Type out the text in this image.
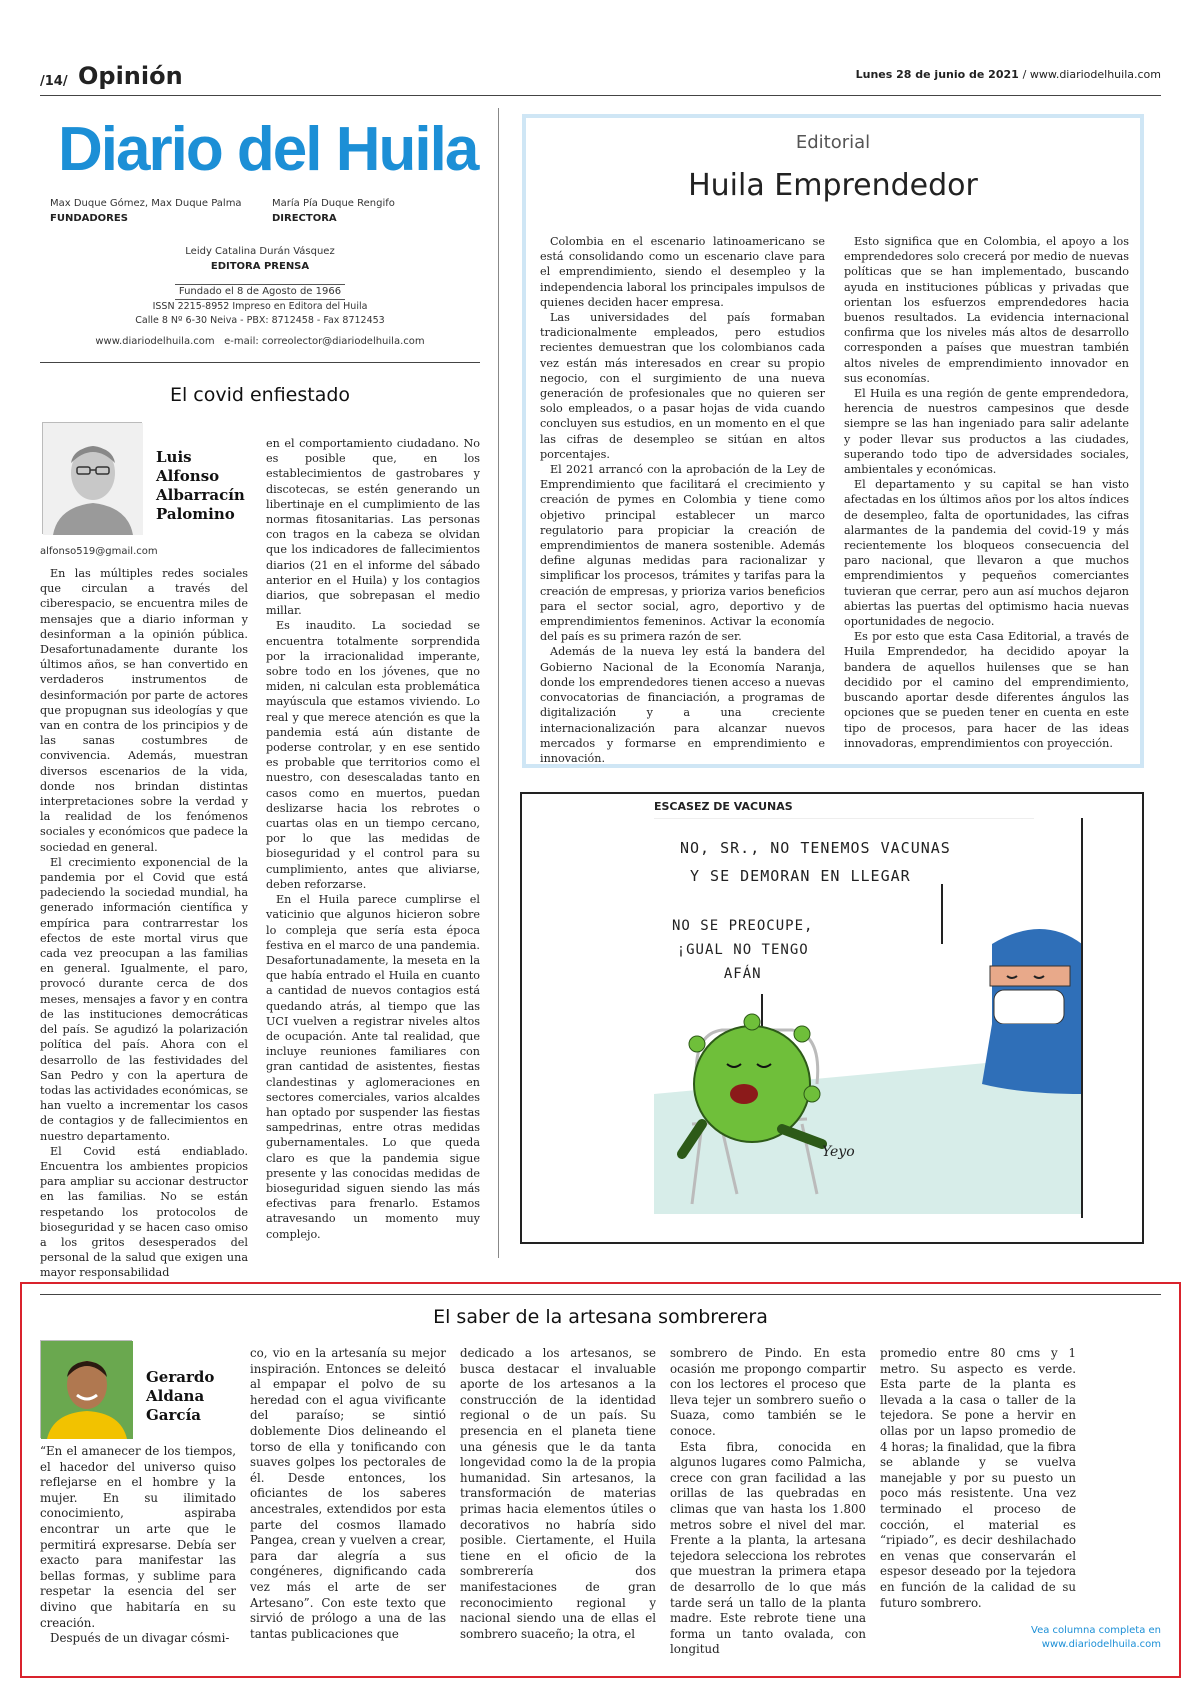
/14/ Opinión	Lunes 28 de junio de 2021 / www.diariodelhuila.com
Diario del Huila
Max Duque Gómez, Max Duque Palma
FUNDADORES
María Pía Duque Rengifo
DIRECTORA
Leidy Catalina Durán Vásquez
EDITORA PRENSA
Fundado el 8 de Agosto de 1966
ISSN 2215-8952 Impreso en Editora del Huila
Calle 8 Nº 6-30 Neiva - PBX: 8712458 - Fax 8712453
www.diariodelhuila.com e-mail: correolector@diariodelhuila.com
El covid enfiestado
Luis
Alfonso
Albarracín
Palomino
alfonso519@gmail.com

En las múltiples redes sociales que circulan a través del ciberespacio, se encuentra miles de mensajes que a diario informan y desinforman a la opinión pública. Desafortunadamente durante los últimos años, se han convertido en verdaderos instrumentos de desinformación por parte de actores que propugnan sus ideologías y que van en contra de los principios y de las sanas costumbres de convivencia. Además, muestran diversos escenarios de la vida, donde nos brindan distintas interpretaciones sobre la verdad y la realidad de los fenómenos sociales y económicos que padece la sociedad en general.

El crecimiento exponencial de la pandemia por el Covid que está padeciendo la sociedad mundial, ha generado información científica y empírica para contrarrestar los efectos de este mortal virus que cada vez preocupan a las familias en general. Igualmente, el paro, provocó durante cerca de dos meses, mensajes a favor y en contra de las instituciones democráticas del país. Se agudizó la polarización política del país. Ahora con el desarrollo de las festividades del San Pedro y con la apertura de todas las actividades económicas, se han vuelto a incrementar los casos de contagios y de fallecimientos en nuestro departamento.

El Covid está endiablado. Encuentra los ambientes propicios para ampliar su accionar destructor en las familias. No se están respetando los protocolos de bioseguridad y se hacen caso omiso a los gritos desesperados del personal de la salud que exigen una mayor responsabilidad

en el comportamiento ciudadano. No es posible que, en los establecimientos de gastrobares y discotecas, se estén generando un libertinaje en el cumplimiento de las normas fitosanitarias. Las personas con tragos en la cabeza se olvidan que los indicadores de fallecimientos diarios (21 en el informe del sábado anterior en el Huila) y los contagios diarios, que sobrepasan el medio millar.

Es inaudito. La sociedad se encuentra totalmente sorprendida por la irracionalidad imperante, sobre todo en los jóvenes, que no miden, ni calculan esta problemática mayúscula que estamos viviendo. Lo real y que merece atención es que la pandemia está aún distante de poderse controlar, y en ese sentido es probable que territorios como el nuestro, con desescaladas tanto en casos como en muertos, puedan deslizarse hacia los rebrotes o cuartas olas en un tiempo cercano, por lo que las medidas de bioseguridad y el control para su cumplimiento, antes que aliviarse, deben reforzarse.

En el Huila parece cumplirse el vaticinio que algunos hicieron sobre lo compleja que sería esta época festiva en el marco de una pandemia. Desafortunadamente, la meseta en la que había entrado el Huila en cuanto a cantidad de nuevos contagios está quedando atrás, al tiempo que las UCI vuelven a registrar niveles altos de ocupación. Ante tal realidad, que incluye reuniones familiares con gran cantidad de asistentes, fiestas clandestinas y aglomeraciones en sectores comerciales, varios alcaldes han optado por suspender las fiestas sampedrinas, entre otras medidas gubernamentales. Lo que queda claro es que la pandemia sigue presente y las conocidas medidas de bioseguridad siguen siendo las más efectivas para frenarlo. Estamos atravesando un momento muy complejo.

Editorial
Huila Emprendedor

Colombia en el escenario latinoamericano se está consolidando como un escenario clave para el emprendimiento, siendo el desempleo y la independencia laboral los principales impulsos de quienes deciden hacer empresa.

Las universidades del país formaban tradicionalmente empleados, pero estudios recientes demuestran que los colombianos cada vez están más interesados en crear su propio negocio, con el surgimiento de una nueva generación de profesionales que no quieren ser solo empleados, o a pasar hojas de vida cuando concluyen sus estudios, en un momento en el que las cifras de desempleo se sitúan en altos porcentajes.

El 2021 arrancó con la aprobación de la Ley de Emprendimiento que facilitará el crecimiento y creación de pymes en Colombia y tiene como objetivo principal establecer un marco regulatorio para propiciar la creación de emprendimientos de manera sostenible. Además define algunas medidas para racionalizar y simplificar los procesos, trámites y tarifas para la creación de empresas, y prioriza varios beneficios para el sector social, agro, deportivo y de emprendimientos femeninos. Activar la economía del país es su primera razón de ser.

Además de la nueva ley está la bandera del Gobierno Nacional de la Economía Naranja, donde los emprendedores tienen acceso a nuevas convocatorias de financiación, a programas de digitalización y a una creciente internacionalización para alcanzar nuevos mercados y formarse en emprendimiento e innovación.

Esto significa que en Colombia, el apoyo a los emprendedores solo crecerá por medio de nuevas políticas que se han implementado, buscando ayuda en instituciones públicas y privadas que orientan los esfuerzos emprendedores hacia buenos resultados. La evidencia internacional confirma que los niveles más altos de desarrollo corresponden a países que muestran también altos niveles de emprendimiento innovador en sus economías.

El Huila es una región de gente emprendedora, herencia de nuestros campesinos que desde siempre se las han ingeniado para salir adelante y poder llevar sus productos a las ciudades, superando todo tipo de adversidades sociales, ambientales y económicas.

El departamento y su capital se han visto afectadas en los últimos años por los altos índices de desempleo, falta de oportunidades, las cifras alarmantes de la pandemia del covid-19 y más recientemente los bloqueos consecuencia del paro nacional, que llevaron a que muchos emprendimientos y pequeños comerciantes tuvieran que cerrar, pero aun así muchos dejaron abiertas las puertas del optimismo hacia nuevas oportunidades de negocio.

Es por esto que esta Casa Editorial, a través de Huila Emprendedor, ha decidido apoyar la bandera de aquellos huilenses que se han decidido por el camino del emprendimiento, buscando aportar desde diferentes ángulos las opciones que se pueden tener en cuenta en este tipo de procesos, para hacer de las ideas innovadoras, emprendimientos con proyección.

ESCASEZ DE VACUNAS
NO, SR., NO TENEMOS VACUNAS
Y SE DEMORAN EN LLEGAR
NO SE PREOCUPE,
¡GUAL NO TENGO
AFÁN
Yeyo
El saber de la artesana sombrerera
Gerardo
Aldana
García

“En el amanecer de los tiempos, el hacedor del universo quiso reflejarse en el hombre y la mujer. En su ilimitado conocimiento, aspiraba encontrar un arte que le permitirá expresarse. Debía ser exacto para manifestar las bellas formas, y sublime para respetar la esencia del ser divino que habitaría en su creación.

Después de un divagar cósmi-

co, vio en la artesanía su mejor inspiración. Entonces se deleitó al empapar el polvo de su heredad con el agua vivificante del paraíso; se sintió doblemente Dios delineando el torso de ella y tonificando con suaves golpes los pectorales de él. Desde entonces, los oficiantes de los saberes ancestrales, extendidos por esta parte del cosmos llamado Pangea, crean y vuelven a crear, para dar alegría a sus congéneres, dignificando cada vez más el arte de ser Artesano”. Con este texto que sirvió de prólogo a una de las tantas publicaciones que

dedicado a los artesanos, se busca destacar el invaluable aporte de los artesanos a la construcción de la identidad regional o de un país. Su presencia en el planeta tiene una génesis que le da tanta longevidad como la de la propia humanidad. Sin artesanos, la transformación de materias primas hacia elementos útiles o decorativos no habría sido posible. Ciertamente, el Huila tiene en el oficio de la sombrerería dos manifestaciones de gran reconocimiento regional y nacional siendo una de ellas el sombrero suaceño; la otra, el

sombrero de Pindo. En esta ocasión me propongo compartir con los lectores el proceso que lleva tejer un sombrero sueño o Suaza, como también se le conoce.

Esta fibra, conocida en algunos lugares como Palmicha, crece con gran facilidad a las orillas de las quebradas en climas que van hasta los 1.800 metros sobre el nivel del mar. Frente a la planta, la artesana tejedora selecciona los rebrotes que muestran la primera etapa de desarrollo de lo que más tarde será un tallo de la planta madre. Este rebrote tiene una forma un tanto ovalada, con longitud

promedio entre 80 cms y 1 metro. Su aspecto es verde. Esta parte de la planta es llevada a la casa o taller de la tejedora. Se pone a hervir en ollas por un lapso promedio de 4 horas; la finalidad, que la fibra se ablande y se vuelva manejable y por su puesto un poco más resistente. Una vez terminado el proceso de cocción, el material es “ripiado”, es decir deshilachado en venas que conservarán el espesor deseado por la tejedora en función de la calidad de su futuro sombrero.

Vea columna completa en
www.diariodelhuila.com
